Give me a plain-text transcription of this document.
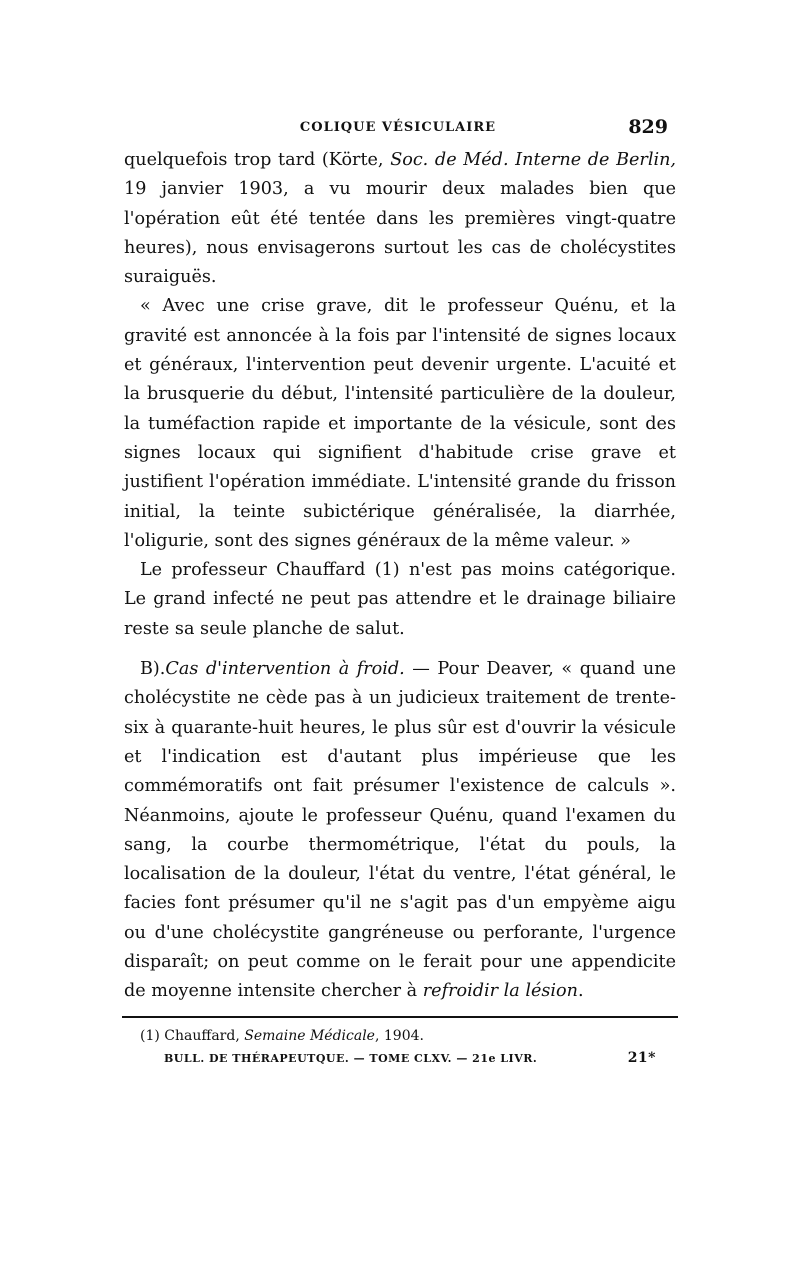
COLIQUE VÉSICULAIRE	829

quelquefois trop tard (Körte, Soc. de Méd. Interne de Berlin, 19 janvier 1903, a vu mourir deux malades bien que l'opération eût été tentée dans les premières vingt-quatre heures), nous envisagerons surtout les cas de cholécystites suraiguës.

« Avec une crise grave, dit le professeur Quénu, et la gravité est annoncée à la fois par l'intensité de signes locaux et généraux, l'intervention peut devenir urgente. L'acuité et la brusquerie du début, l'intensité particulière de la douleur, la tuméfaction rapide et importante de la vésicule, sont des signes locaux qui signifient d'habitude crise grave et justifient l'opération immédiate. L'intensité grande du frisson initial, la teinte subictérique généralisée, la diarrhée, l'oligurie, sont des signes généraux de la même valeur. »

Le professeur Chauffard (1) n'est pas moins catégorique. Le grand infecté ne peut pas attendre et le drainage biliaire reste sa seule planche de salut.

B).Cas d'intervention à froid. — Pour Deaver, « quand une cholécystite ne cède pas à un judicieux traitement de trente-six à quarante-huit heures, le plus sûr est d'ouvrir la vésicule et l'indication est d'autant plus impérieuse que les commémoratifs ont fait présumer l'existence de calculs ». Néanmoins, ajoute le professeur Quénu, quand l'examen du sang, la courbe thermométrique, l'état du pouls, la localisation de la douleur, l'état du ventre, l'état général, le facies font présumer qu'il ne s'agit pas d'un empyème aigu ou d'une cholécystite gangréneuse ou perforante, l'urgence disparaît; on peut comme on le ferait pour une appendicite de moyenne intensite chercher à refroidir la lésion.

(1) Chauffard, Semaine Médicale, 1904.
BULL. DE THÉRAPEUTQUE. — TOME CLXV. — 21e LIVR.	21*
